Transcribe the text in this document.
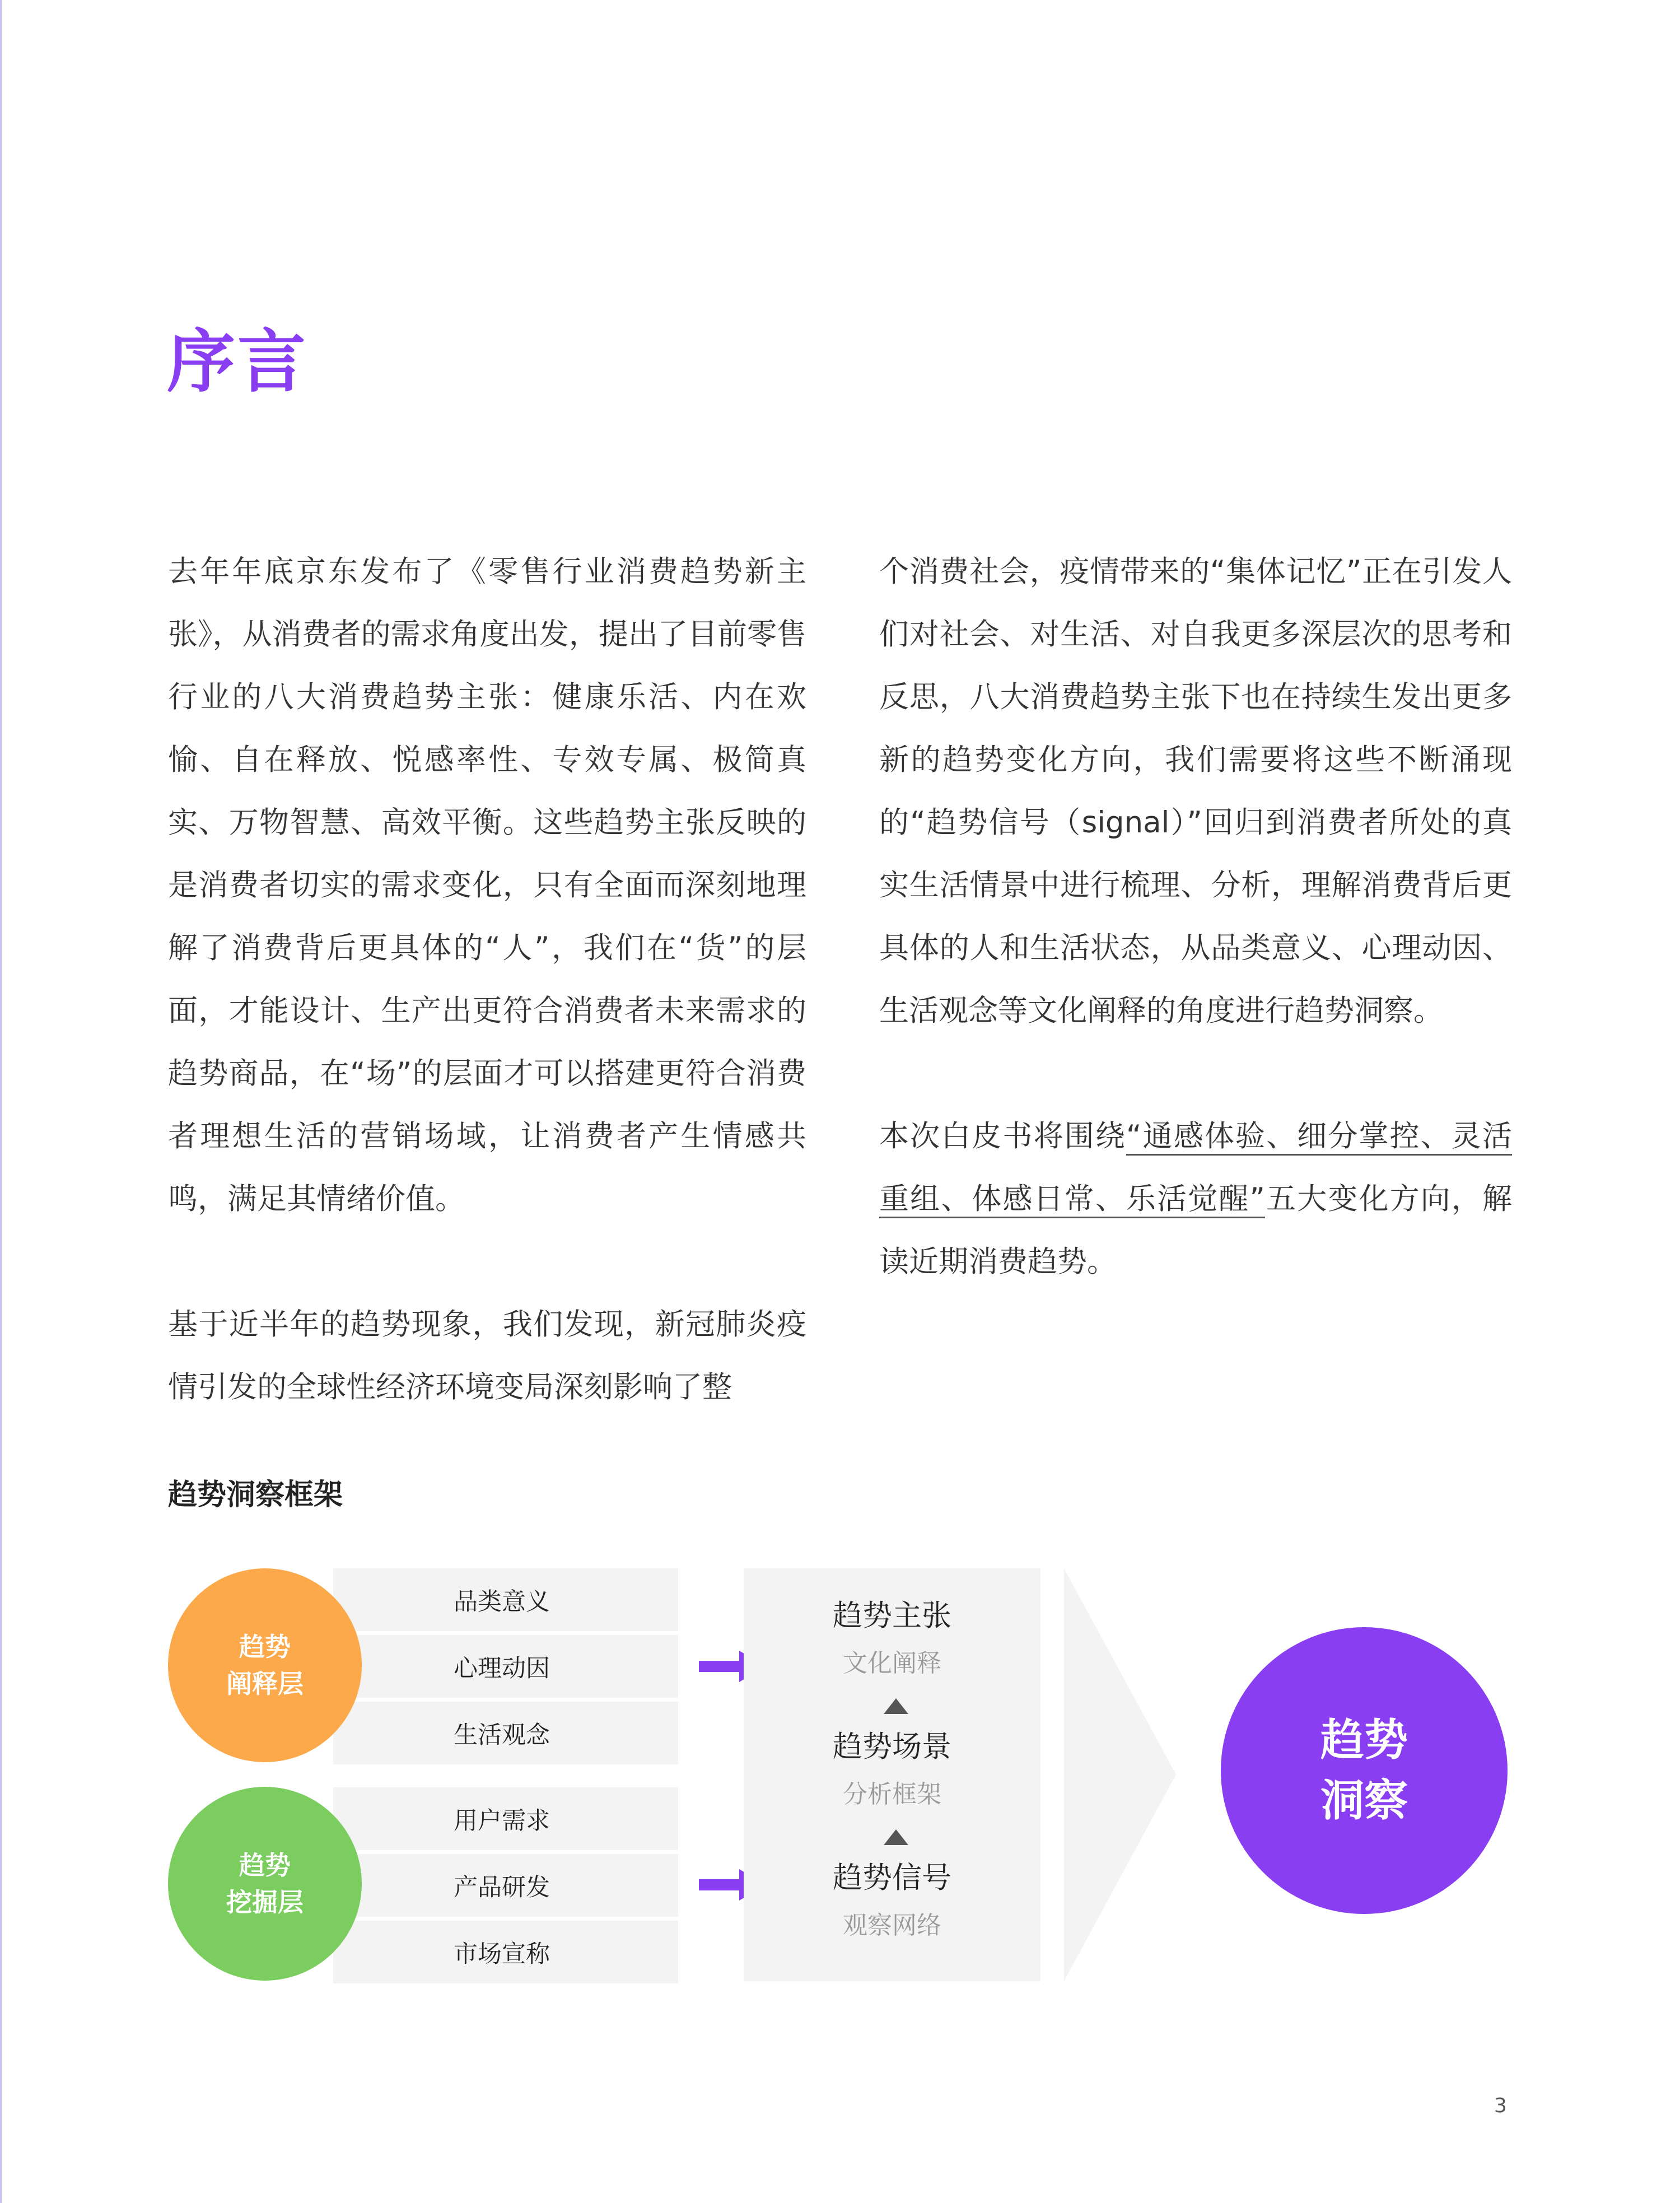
序言

去年年底京东发布了《零售行业消费趋势新主张》，从消费者的需求角度出发，提出了目前零售行业的八大消费趋势主张：健康乐活、内在欢愉、自在释放、悦感率性、专效专属、极简真实、万物智慧、高效平衡。这些趋势主张反映的是消费者切实的需求变化，只有全面而深刻地理解了消费背后更具体的“人”，我们在“货”的层面，才能设计、生产出更符合消费者未来需求的趋势商品，在“场”的层面才可以搭建更符合消费者理想生活的营销场域，让消费者产生情感共鸣，满足其情绪价值。

基于近半年的趋势现象，我们发现，新冠肺炎疫情引发的全球性经济环境变局深刻影响了整

个消费社会，疫情带来的“集体记忆”正在引发人们对社会、对生活、对自我更多深层次的思考和反思，八大消费趋势主张下也在持续生发出更多新的趋势变化方向，我们需要将这些不断涌现的“趋势信号（signal）”回归到消费者所处的真实生活情景中进行梳理、分析，理解消费背后更具体的人和生活状态，从品类意义、心理动因、生活观念等文化阐释的角度进行趋势洞察。

本次白皮书将围绕“通感体验、细分掌控、灵活重组、体感日常、乐活觉醒”五大变化方向，解读近期消费趋势。

趋势洞察框架
品类意义
心理动因
生活观念
趋势
阐释层
用户需求
产品研发
市场宣称
趋势
挖掘层
趋势主张
文化阐释
趋势场景
分析框架
趋势信号
观察网络
趋势
洞察
3
